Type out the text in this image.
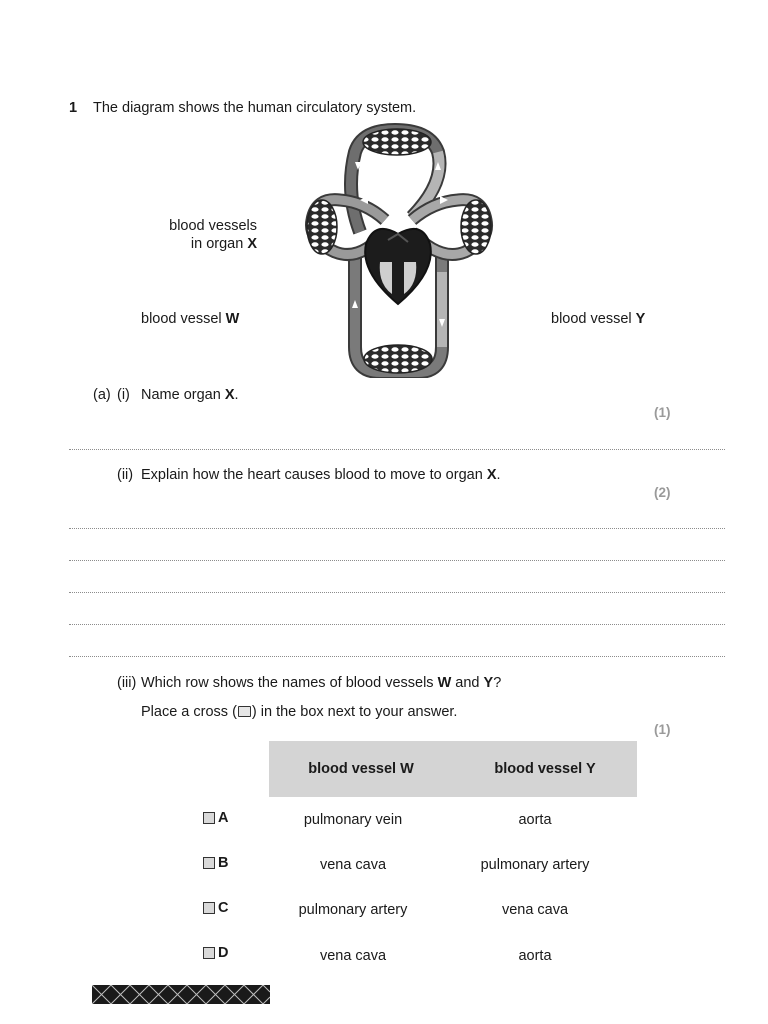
1 The diagram shows the human circulatory system.
blood vessels
in organ X
blood vessel W	blood vessel Y
(a) (i) Name organ X.
(1)
(ii) Explain how the heart causes blood to move to organ X.
(2)
(iii) Which row shows the names of blood vessels W and Y?
Place a cross (☒) in the box next to your answer.
(1)
blood vessel W	blood vessel Y
A	pulmonary vein	aorta
B	vena cava	pulmonary artery
C	pulmonary artery	vena cava
D	vena cava	aorta
